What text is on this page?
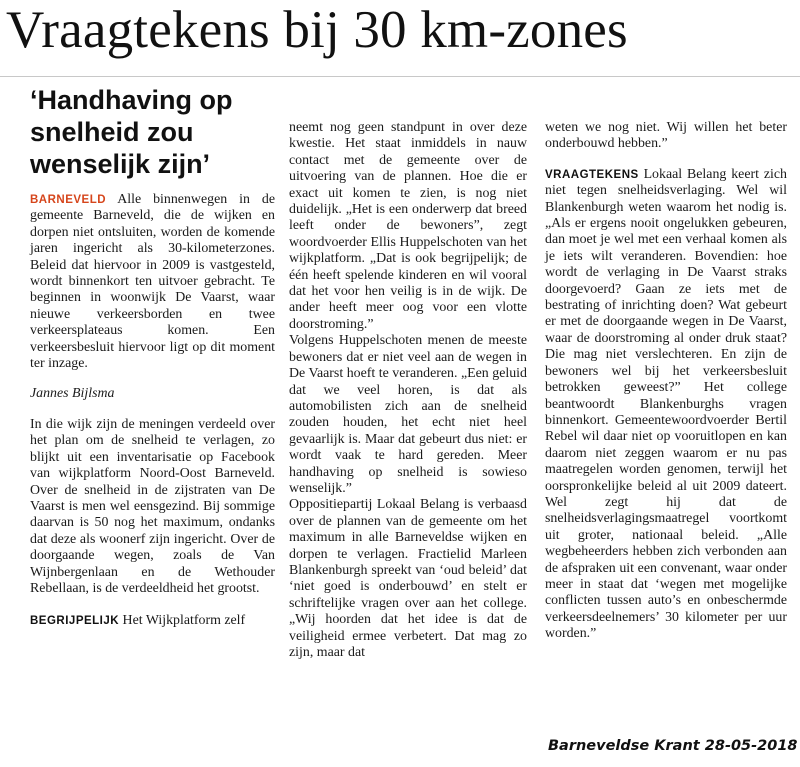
Vraagtekens bij 30 km-zones
‘Handhaving op snelheid zou wenselijk zijn’

BARNEVELD Alle binnenwegen in de gemeente Barneveld, die de wijken en dorpen niet ontsluiten, worden de komende jaren ingericht als 30-kilometerzones. Beleid dat hiervoor in 2009 is vastgesteld, wordt binnenkort ten uitvoer gebracht. Te beginnen in woonwijk De Vaarst, waar nieuwe verkeersborden en twee verkeersplateaus komen. Een verkeersbesluit hiervoor ligt op dit moment ter inzage.

Jannes Bijlsma

In die wijk zijn de meningen verdeeld over het plan om de snelheid te verlagen, zo blijkt uit een inventarisatie op Facebook van wijkplatform Noord-Oost Barneveld. Over de snelheid in de zijstraten van De Vaarst is men wel eensgezind. Bij sommige daarvan is 50 nog het maximum, ondanks dat deze als woonerf zijn ingericht. Over de doorgaande wegen, zoals de Van Wijnbergenlaan en de Wethouder Rebellaan, is de verdeeldheid het grootst.

BEGRIJPELIJK Het Wijkplatform zelf

neemt nog geen standpunt in over deze kwestie. Het staat inmiddels in nauw contact met de gemeente over de uitvoering van de plannen. Hoe die er exact uit komen te zien, is nog niet duidelijk. „Het is een onderwerp dat breed leeft onder de bewoners”, zegt woordvoerder Ellis Huppelschoten van het wijkplatform. „Dat is ook begrijpelijk; de één heeft spelende kinderen en wil vooral dat het voor hen veilig is in de wijk. De ander heeft meer oog voor een vlotte doorstroming.”

Volgens Huppelschoten menen de meeste bewoners dat er niet veel aan de wegen in De Vaarst hoeft te veranderen. „Een geluid dat we veel horen, is dat als automobilisten zich aan de snelheid zouden houden, het echt niet heel gevaarlijk is. Maar dat gebeurt dus niet: er wordt vaak te hard gereden. Meer handhaving op snelheid is sowieso wenselijk.”

Oppositiepartij Lokaal Belang is verbaasd over de plannen van de gemeente om het maximum in alle Barneveldse wijken en dorpen te verlagen. Fractielid Marleen Blankenburgh spreekt van ‘oud beleid’ dat ‘niet goed is onderbouwd’ en stelt er schriftelijke vragen over aan het college. „Wij hoorden dat het idee is dat de veiligheid ermee verbetert. Dat mag zo zijn, maar dat

weten we nog niet. Wij willen het beter onderbouwd hebben.”

VRAAGTEKENS Lokaal Belang keert zich niet tegen snelheidsverlaging. Wel wil Blankenburgh weten waarom het nodig is. „Als er ergens nooit ongelukken gebeuren, dan moet je wel met een verhaal komen als je iets wilt veranderen. Bovendien: hoe wordt de verlaging in De Vaarst straks doorgevoerd? Gaan ze iets met de bestrating of inrichting doen? Wat gebeurt er met de doorgaande wegen in De Vaarst, waar de doorstroming al onder druk staat? Die mag niet verslechteren. En zijn de bewoners wel bij het verkeersbesluit betrokken geweest?” Het college beantwoordt Blankenburghs vragen binnenkort. Gemeentewoordvoerder Bertil Rebel wil daar niet op vooruitlopen en kan daarom niet zeggen waarom er nu pas maatregelen worden genomen, terwijl het oorspronkelijke beleid al uit 2009 dateert. Wel zegt hij dat de snelheidsverlagingsmaatregel voortkomt uit groter, nationaal beleid. „Alle wegbeheerders hebben zich verbonden aan de afspraken uit een convenant, waar onder meer in staat dat ‘wegen met mogelijke conflicten tussen auto’s en onbeschermde verkeersdeelnemers’ 30 kilometer per uur worden.”

Barneveldse Krant 28-05-2018
